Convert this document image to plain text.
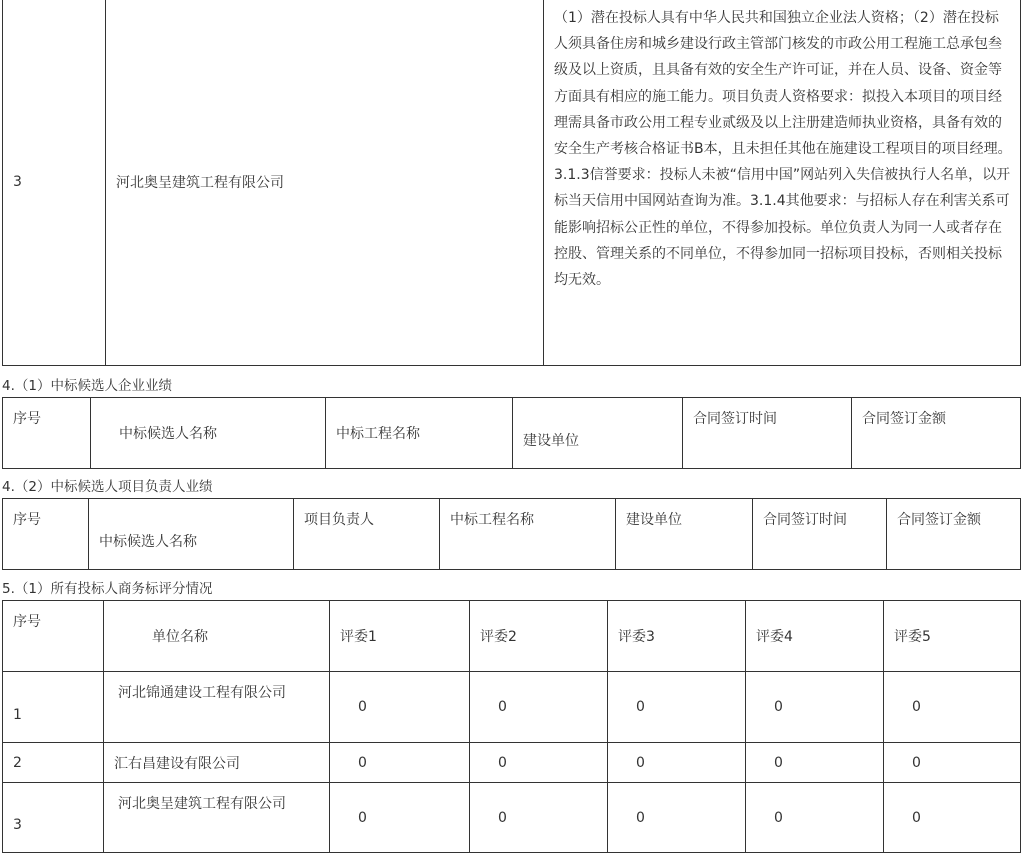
3	河北奥呈建筑工程有限公司	（1）潜在投标人具有中华人民共和国独立企业法人资格；（2）潜在投标人须具备住房和城乡建设行政主管部门核发的市政公用工程施工总承包叁级及以上资质，且具备有效的安全生产许可证，并在人员、设备、资金等方面具有相应的施工能力。项目负责人资格要求：拟投入本项目的项目经理需具备市政公用工程专业贰级及以上注册建造师执业资格，具备有效的安全生产考核合格证书B本，且未担任其他在施建设工程项目的项目经理。3.1.3信誉要求：投标人未被“信用中国”网站列入失信被执行人名单，以开标当天信用中国网站查询为准。3.1.4其他要求：与招标人存在利害关系可能影响招标公正性的单位，不得参加投标。单位负责人为同一人或者存在控股、管理关系的不同单位，不得参加同一招标项目投标，否则相关投标均无效。
4.（1）中标候选人企业业绩
序号	中标候选人名称	中标工程名称	建设单位	合同签订时间	合同签订金额
4.（2）中标候选人项目负责人业绩
序号	中标候选人名称	项目负责人	中标工程名称	建设单位	合同签订时间	合同签订金额
5.（1）所有投标人商务标评分情况
序号	单位名称	评委1	评委2	评委3	评委4	评委5
1	河北锦通建设工程有限公司	0	0	0	0	0
2	汇右昌建设有限公司	0	0	0	0	0
3	河北奥呈建筑工程有限公司	0	0	0	0	0
